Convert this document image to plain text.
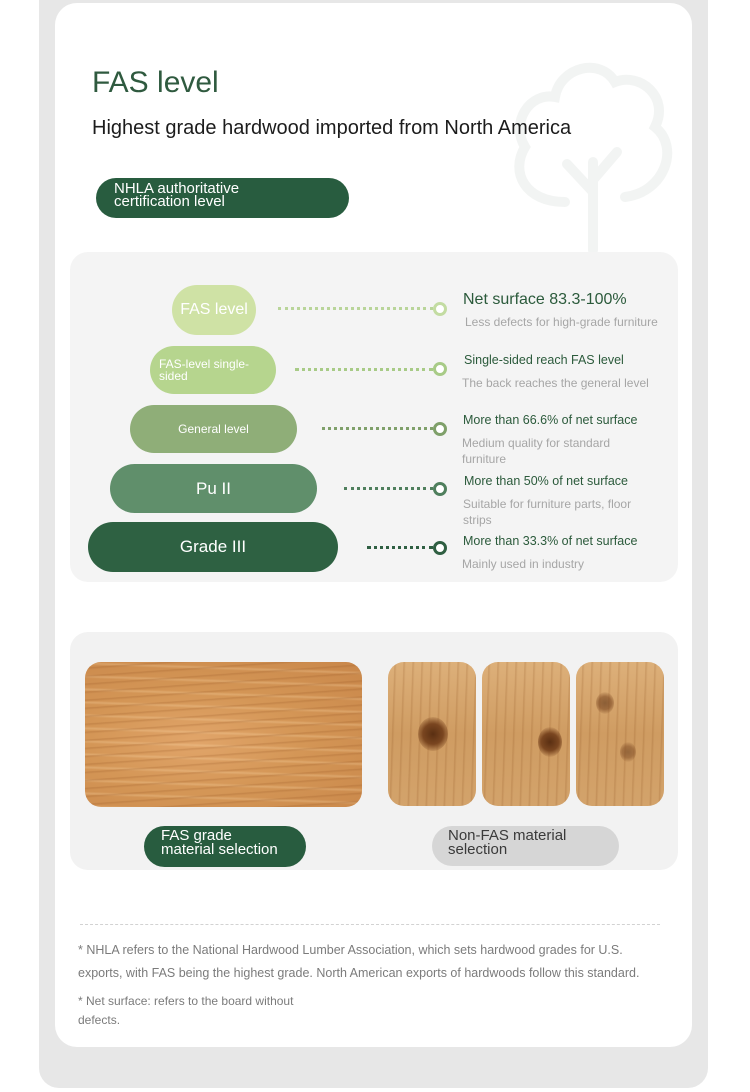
FAS level
Highest grade hardwood imported from North America
NHLA authoritative
certification level
FAS level
FAS-level single-
sided
General level
Pu II
Grade III
Net surface 83.3-100%
Less defects for high-grade furniture
Single-sided reach FAS level
The back reaches the general level
More than 66.6% of net surface
Medium quality for standard
furniture
More than 50% of net surface
Suitable for furniture parts, floor
strips
More than 33.3% of net surface
Mainly used in industry
FAS grade
material selection
Non-FAS material
selection
* NHLA refers to the National Hardwood Lumber Association, which sets hardwood grades for U.S.
exports, with FAS being the highest grade. North American exports of hardwoods follow this standard.
* Net surface: refers to the board without
defects.
